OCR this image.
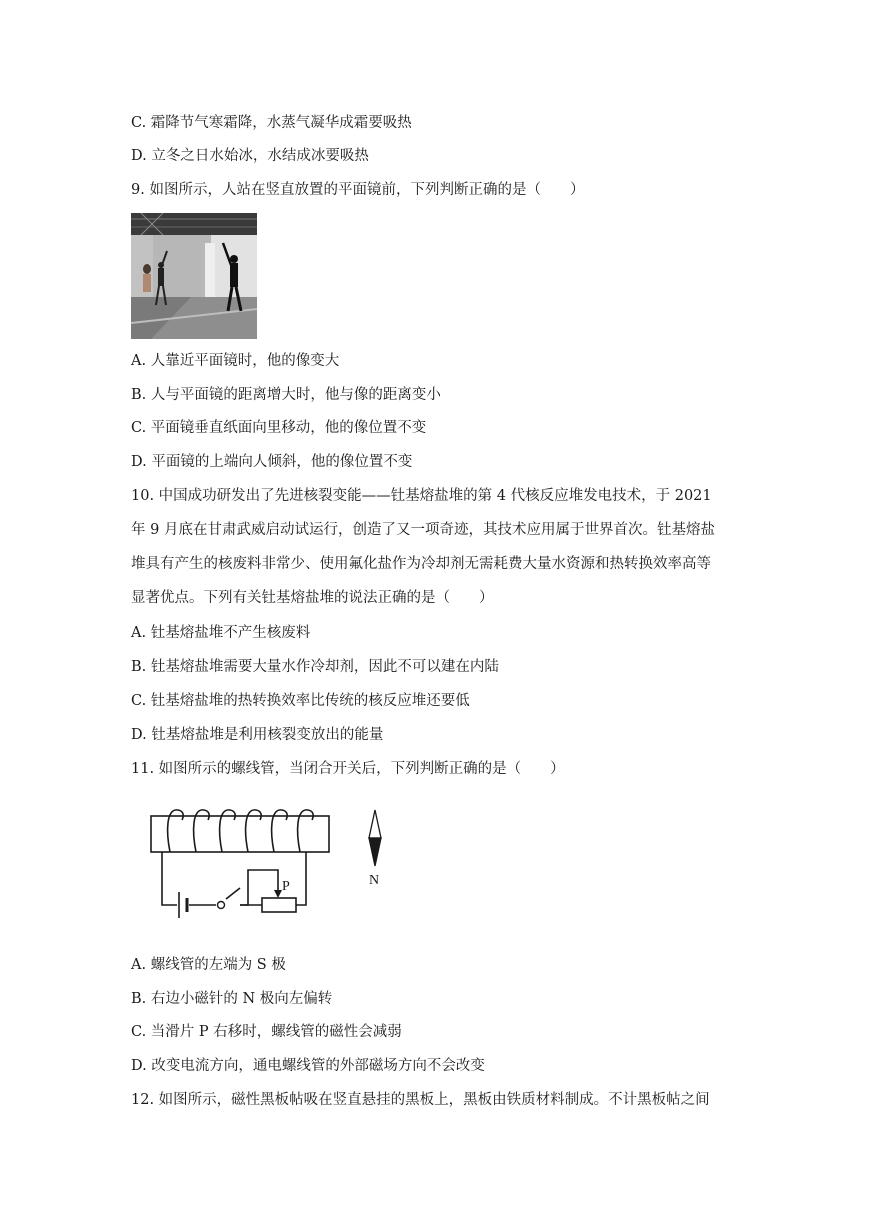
C. 霜降节气寒霜降，水蒸气凝华成霜要吸热
D. 立冬之日水始冰，水结成冰要吸热
9. 如图所示，人站在竖直放置的平面镜前，下列判断正确的是（　　）
A. 人靠近平面镜时，他的像变大
B. 人与平面镜的距离增大时，他与像的距离变小
C. 平面镜垂直纸面向里移动，他的像位置不变
D. 平面镜的上端向人倾斜，他的像位置不变
10. 中国成功研发出了先进核裂变能——钍基熔盐堆的第 4 代核反应堆发电技术，于 2021
年 9 月底在甘肃武威启动试运行，创造了又一项奇迹，其技术应用属于世界首次。钍基熔盐
堆具有产生的核废料非常少、使用氟化盐作为冷却剂无需耗费大量水资源和热转换效率高等
显著优点。下列有关钍基熔盐堆的说法正确的是（　　）
A. 钍基熔盐堆不产生核废料
B. 钍基熔盐堆需要大量水作冷却剂，因此不可以建在内陆
C. 钍基熔盐堆的热转换效率比传统的核反应堆还要低
D. 钍基熔盐堆是利用核裂变放出的能量
11. 如图所示的螺线管，当闭合开关后，下列判断正确的是（　　）
P	N
A. 螺线管的左端为 S 极
B. 右边小磁针的 N 极向左偏转
C. 当滑片 P 右移时，螺线管的磁性会减弱
D. 改变电流方向，通电螺线管的外部磁场方向不会改变
12. 如图所示，磁性黑板帖吸在竖直悬挂的黑板上，黑板由铁质材料制成。不计黑板帖之间
